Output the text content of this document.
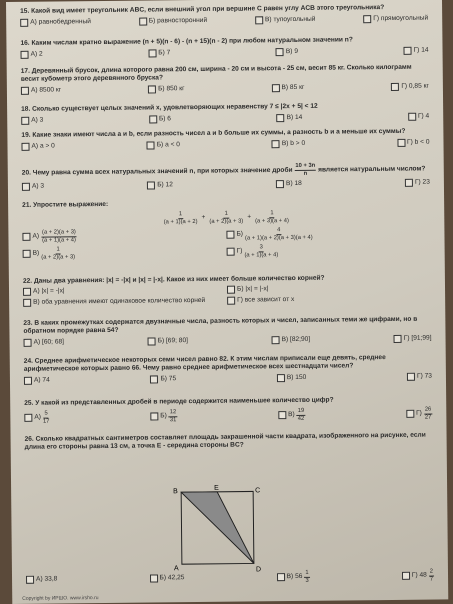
15. Какой вид имеет треугольник ABC, если внешний угол при вершине C равен углу ACB этого треугольника?
А) равнобедренный	Б) равносторонний	В) тупоугольный	Г) прямоугольный
16. Каким числам кратно выражение (n + 5)(n - 6) - (n + 15)(n - 2) при любом натуральном значении n?
А) 2	Б) 7	В) 9	Г) 14
17. Деревянный брусок, длина которого равна 200 см, ширина - 20 см и высота - 25 см, весит 85 кг. Сколько килограмм весит кубометр этого деревянного бруска?
А) 8500 кг	Б) 850 кг	В) 85 кг	Г) 0,85 кг
18. Сколько существует целых значений x, удовлетворяющих неравенству 7 ≤ |2x + 5| < 12
А) 3	Б) 6	В) 14	Г) 4
19. Какие знаки имеют числа a и b, если разность чисел a и b больше их суммы, а разность b и a меньше их суммы?
А) a > 0	Б) a < 0	В) b > 0	Г) b < 0
20. Чему равна сумма всех натуральных значений n, при которых значение дроби $\frac{10 + 3n}{n}$ является натуральным числом?
А) 3	Б) 12	В) 18	Г) 23
21. Упростите выражение:
$\frac{1}{(a + 1)(a + 2)} + \frac{1}{(a + 2)(a + 3)} + \frac{1}{(a + 3)(a + 4)}$
$А) \frac{(a + 2)(a + 3)}{(a + 1)(a + 4)}$	$Б) \frac{4}{(a + 1)(a + 2)(a + 3)(a + 4)}$
$В) \frac{1}{(a + 2)(a + 3)}$	$Г) \frac{3}{(a + 1)(a + 4)}$
22. Даны два уравнения: |x| = -|x| и |x| = |-x|. Какое из них имеет больше количество корней?
А) |x| = -|x|	Б) |x| = |-x|
В) оба уравнения имеют одинаковое количество корней	Г) все зависит от x
23. В каких промежутках содержатся двузначные числа, разность которых и чисел, записанных теми же цифрами, но в обратном порядке равна 54?
А) [60; 68]	Б) [69; 80]	В) [82;90]	Г) [91;99]
24. Среднее арифметическое некоторых семи чисел равно 82. К этим числам приписали еще девять, среднее арифметическое которых равно 66. Чему равно среднее арифметическое всех шестнадцати чисел?
А) 74	Б) 75	В) 150	Г) 73
25. У какой из представленных дробей в периоде содержится наименьшее количество цифр?
$А) \frac{5}{17}$	$Б) \frac{12}{31}$	$В) \frac{19}{42}$	$Г) \frac{26}{27}$
26. Сколько квадратных сантиметров составляет площадь закрашенной части квадрата, изображенного на рисунке, если длина его стороны равна 13 см, а точка E - середина стороны BC?
B	E	C
A	D
А) 33,8	Б) 42,25	В) $56 \frac{1}{3}$	Г) $48 \frac{2}{7}$
Copyright by ИРШО. www.irsho.ru
